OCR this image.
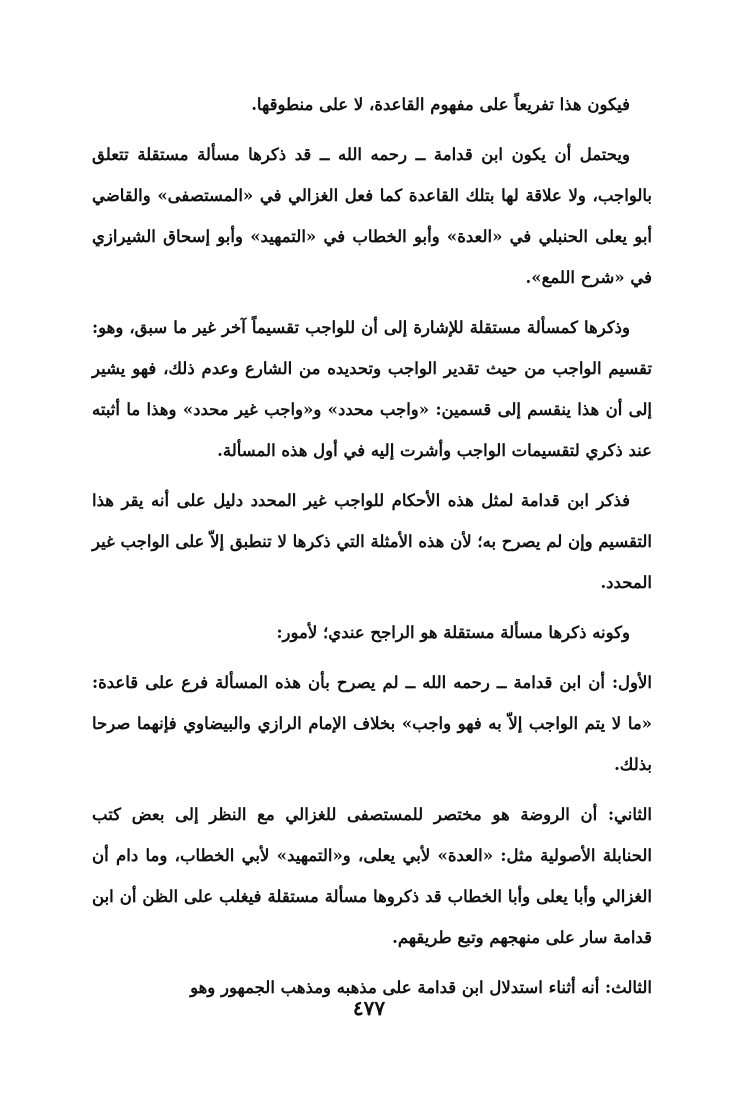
فيكون هذا تفريعاً على مفهوم القاعدة، لا على منطوقها.

ويحتمل أن يكون ابن قدامة ــ رحمه الله ــ قد ذكرها مسألة مستقلة تتعلق بالواجب، ولا علاقة لها بتلك القاعدة كما فعل الغزالي في «المستصفى» والقاضي أبو يعلى الحنبلي في «العدة» وأبو الخطاب في «التمهيد» وأبو إسحاق الشيرازي في «شرح اللمع».

وذكرها كمسألة مستقلة للإشارة إلى أن للواجب تقسيماً آخر غير ما سبق، وهو: تقسيم الواجب من حيث تقدير الواجب وتحديده من الشارع وعدم ذلك، فهو يشير إلى أن هذا ينقسم إلى قسمين: «واجب محدد» و«واجب غير محدد» وهذا ما أثبته عند ذكري لتقسيمات الواجب وأشرت إليه في أول هذه المسألة.

فذكر ابن قدامة لمثل هذه الأحكام للواجب غير المحدد دليل على أنه يقر هذا التقسيم وإن لم يصرح به؛ لأن هذه الأمثلة التي ذكرها لا تنطبق إلاّ على الواجب غير المحدد.

وكونه ذكرها مسألة مستقلة هو الراجح عندي؛ لأمور:

الأول: أن ابن قدامة ــ رحمه الله ــ لم يصرح بأن هذه المسألة فرع على قاعدة: «ما لا يتم الواجب إلاّ به فهو واجب» بخلاف الإمام الرازي والبيضاوي فإنهما صرحا بذلك.

الثاني: أن الروضة هو مختصر للمستصفى للغزالي مع النظر إلى بعض كتب الحنابلة الأصولية مثل: «العدة» لأبي يعلى، و«التمهيد» لأبي الخطاب، وما دام أن الغزالي وأبا يعلى وأبا الخطاب قد ذكروها مسألة مستقلة فيغلب على الظن أن ابن قدامة سار على منهجهم وتبع طريقهم.

الثالث: أنه أثناء استدلال ابن قدامة على مذهبه ومذهب الجمهور وهو

٤٧٧
